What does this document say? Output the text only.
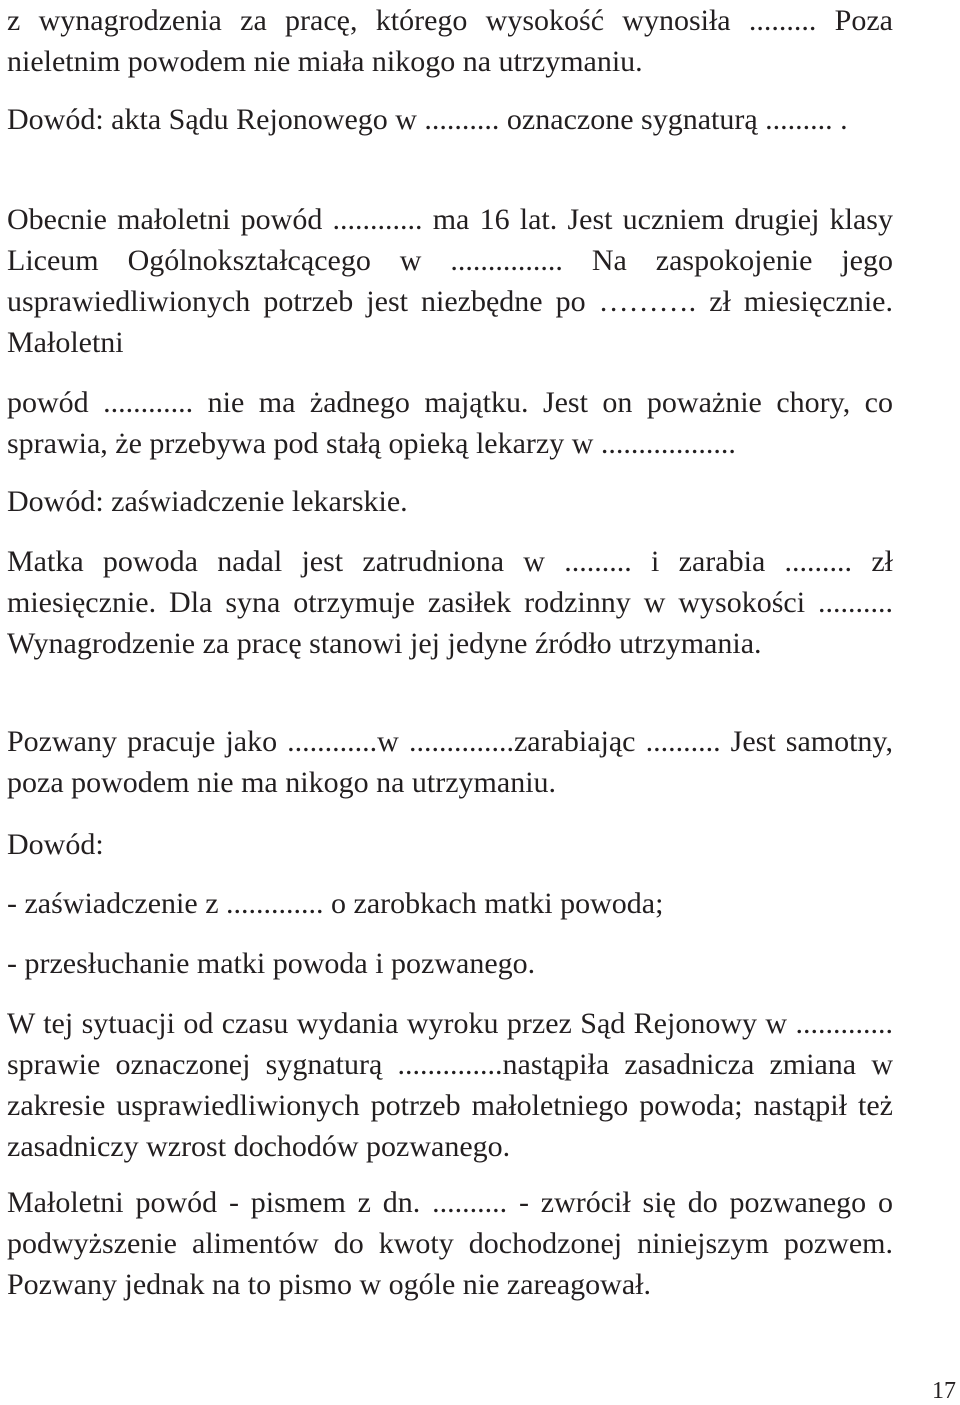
z wynagrodzenia za pracę, którego wysokość wynosiła ......... Poza nieletnim powodem nie miała nikogo na utrzymaniu.
Dowód: akta Sądu Rejonowego w .......... oznaczone sygnaturą ......... .
Obecnie małoletni powód ............ ma 16 lat. Jest uczniem drugiej klasy Liceum Ogólnokształcącego w ............... Na zaspokojenie jego usprawiedliwionych potrzeb jest niezbędne po ………. zł miesięcznie. Małoletni
powód ............ nie ma żadnego majątku. Jest on poważnie chory, co sprawia, że przebywa pod stałą opieką lekarzy w ..................
Dowód: zaświadczenie lekarskie.
Matka powoda nadal jest zatrudniona w ......... i zarabia ......... zł miesięcznie. Dla syna otrzymuje zasiłek rodzinny w wysokości .......... Wynagrodzenie za pracę stanowi jej jedyne źródło utrzymania.
Pozwany pracuje jako ............w ..............zarabiając .......... Jest samotny, poza powodem nie ma nikogo na utrzymaniu.
Dowód:
- zaświadczenie z ............. o zarobkach matki powoda;
- przesłuchanie matki powoda i pozwanego.
W tej sytuacji od czasu wydania wyroku przez Sąd Rejonowy w ............. sprawie oznaczonej sygnaturą ..............nastąpiła zasadnicza zmiana w zakresie usprawiedliwionych potrzeb małoletniego powoda; nastąpił też zasadniczy wzrost dochodów pozwanego.
Małoletni powód - pismem z dn. .......... - zwrócił się do pozwanego o podwyższenie alimentów do kwoty dochodzonej niniejszym pozwem. Pozwany jednak na to pismo w ogóle nie zareagował.
17
